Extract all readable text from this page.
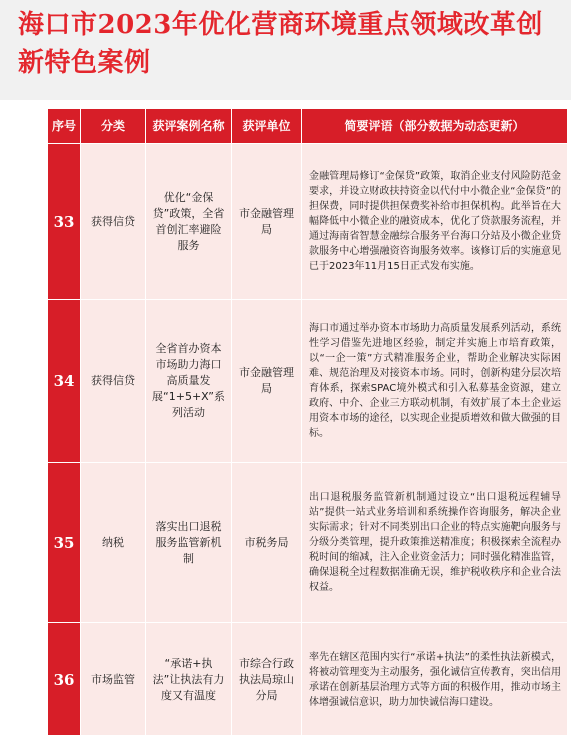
海口市2023年优化营商环境重点领域改革创新特色案例
序号	分类	获评案例名称	获评单位	简要评语（部分数据为动态更新）
33	获得信贷	优化“金保贷”政策，全省首创汇率避险服务	市金融管理局	金融管理局修订“金保贷”政策，取消企业支付风险防范金要求，并设立财政扶持资金以代付中小微企业“金保贷”的担保费，同时提供担保费奖补给市担保机构。此举旨在大幅降低中小微企业的融资成本，优化了贷款服务流程，并通过海南省智慧金融综合服务平台海口分站及小微企业贷款服务中心增强融资咨询服务效率。该修订后的实施意见已于2023年11月15日正式发布实施。
34	获得信贷	全省首办资本市场助力海口高质量发展“1+5+X”系列活动	市金融管理局	海口市通过举办资本市场助力高质量发展系列活动，系统性学习借鉴先进地区经验，制定并实施上市培育政策，以“一企一策”方式精准服务企业，帮助企业解决实际困难、规范治理及对接资本市场。同时，创新构建分层次培育体系，探索SPAC境外模式和引入私募基金资源，建立政府、中介、企业三方联动机制，有效扩展了本土企业运用资本市场的途径，以实现企业提质增效和做大做强的目标。
35	纳税	落实出口退税服务监管新机制	市税务局	出口退税服务监管新机制通过设立“出口退税远程辅导站”提供一站式业务培训和系统操作咨询服务，解决企业实际需求；针对不同类别出口企业的特点实施靶向服务与分级分类管理，提升政策推送精准度；积极探索全流程办税时间的缩减，注入企业资金活力；同时强化精准监管，确保退税全过程数据准确无误，维护税收秩序和企业合法权益。
36	市场监管	“承诺+执法”让执法有力度又有温度	市综合行政执法局琼山分局	率先在辖区范围内实行“承诺+执法”的柔性执法新模式，将被动管理变为主动服务，强化诚信宣传教育，突出信用承诺在创新基层治理方式等方面的积极作用，推动市场主体增强诚信意识，助力加快诚信海口建设。
